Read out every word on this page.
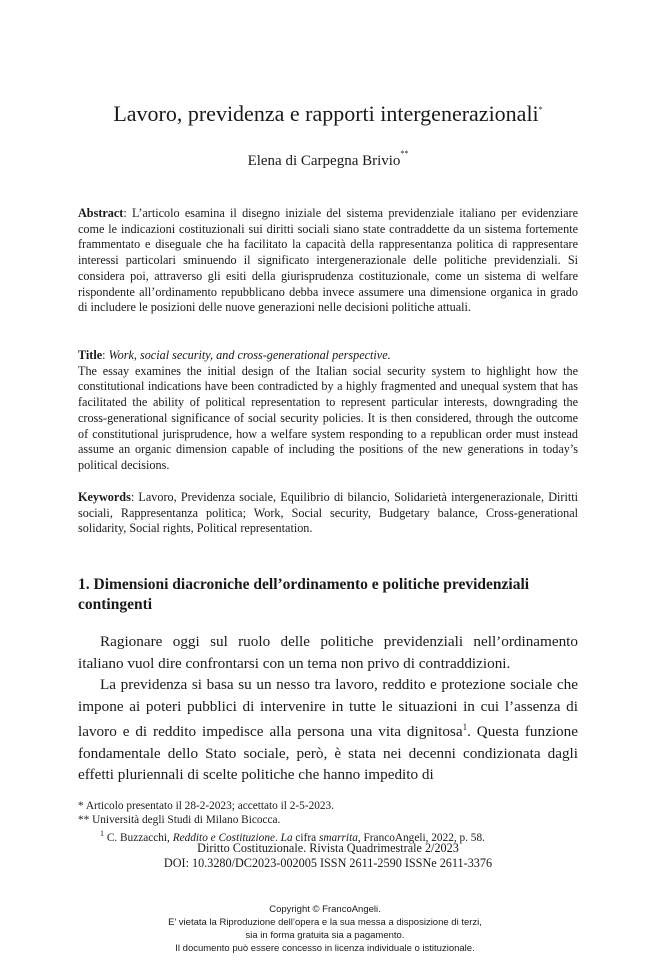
Lavoro, previdenza e rapporti intergenerazionali*
Elena di Carpegna Brivio**

Abstract: L’articolo esamina il disegno iniziale del sistema previdenziale italiano per evidenziare come le indicazioni costituzionali sui diritti sociali siano state contraddette da un sistema fortemente frammentato e diseguale che ha facilitato la capacità della rappresentanza politica di rappresentare interessi particolari sminuendo il significato intergenerazionale delle politiche previdenziali. Si considera poi, attraverso gli esiti della giurisprudenza costituzionale, come un sistema di welfare rispondente all’ordinamento repubblicano debba invece assumere una dimensione organica in grado di includere le posizioni delle nuove generazioni nelle decisioni politiche attuali.

Title: Work, social security, and cross-generational perspective.
The essay examines the initial design of the Italian social security system to highlight how the constitutional indications have been contradicted by a highly fragmented and unequal system that has facilitated the ability of political representation to represent particular interests, downgrading the cross-generational significance of social security policies. It is then considered, through the outcome of constitutional jurisprudence, how a welfare system responding to a republican order must instead assume an organic dimension capable of including the positions of the new generations in today’s political decisions.

Keywords: Lavoro, Previdenza sociale, Equilibrio di bilancio, Solidarietà intergenerazionale, Diritti sociali, Rappresentanza politica; Work, Social security, Budgetary balance, Cross-generational solidarity, Social rights, Political representation.

1. Dimensioni diacroniche dell’ordinamento e politiche previdenziali contingenti

Ragionare oggi sul ruolo delle politiche previdenziali nell’ordinamento italiano vuol dire confrontarsi con un tema non privo di contraddizioni.

La previdenza si basa su un nesso tra lavoro, reddito e protezione sociale che impone ai poteri pubblici di intervenire in tutte le situazioni in cui l’assenza di lavoro e di reddito impedisce alla persona una vita dignitosa$^1$. Questa funzione fondamentale dello Stato sociale, però, è stata nei decenni condizionata dagli effetti pluriennali di scelte politiche che hanno impedito di

* Articolo presentato il 28-2-2023; accettato il 2-5-2023.

** Università degli Studi di Milano Bicocca.

$^1$ C. Buzzacchi, Reddito e Costituzione. La cifra smarrita, FrancoAngeli, 2022, p. 58.

Diritto Costituzionale. Rivista Quadrimestrale 2/2023
DOI: 10.3280/DC2023-002005 ISSN 2611-2590 ISSNe 2611-3376
Copyright © FrancoAngeli.
E’ vietata la Riproduzione dell’opera e la sua messa a disposizione di terzi,
sia in forma gratuita sia a pagamento.
Il documento può essere concesso in licenza individuale o istituzionale.
